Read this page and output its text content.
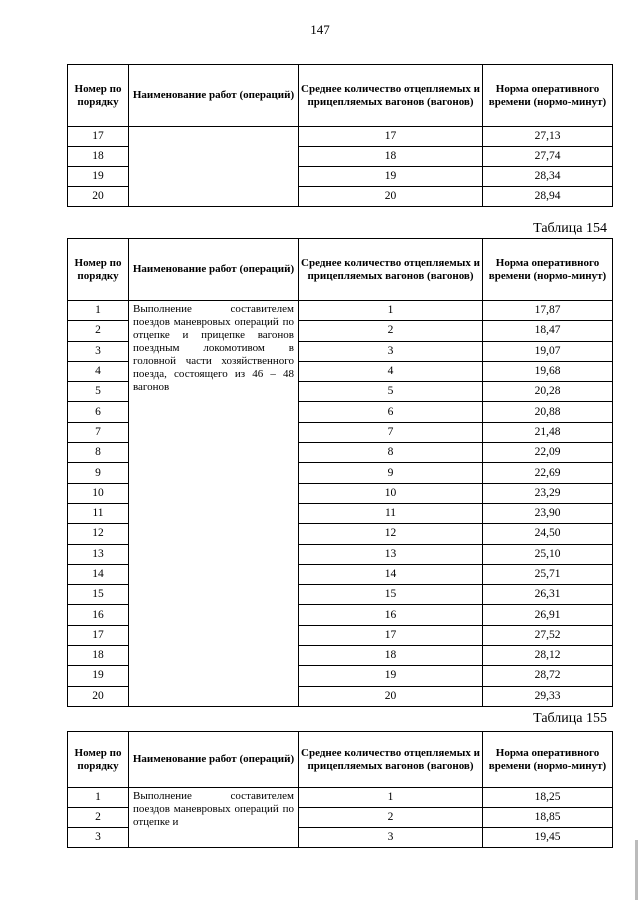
147
Номер по порядку	Наименование работ (операций)	Среднее количество отцепляемых и прицепляемых вагонов (вагонов)	Норма оперативного времени (нормо-минут)
17		17	27,13
18		18	27,74
19		19	28,34
20		20	28,94
Таблица 154
Номер по порядку	Наименование работ (операций)	Среднее количество отцепляемых и прицепляемых вагонов (вагонов)	Норма оперативного времени (нормо-минут)
1	Выполнение составителем поездов маневровых операций по отцепке и прицепке вагонов поездным локомотивом в головной части хозяйственного поезда, состоящего из 46 – 48 вагонов	1	17,87
2		2	18,47
3		3	19,07
4		4	19,68
5		5	20,28
6		6	20,88
7		7	21,48
8		8	22,09
9		9	22,69
10		10	23,29
11		11	23,90
12		12	24,50
13		13	25,10
14		14	25,71
15		15	26,31
16		16	26,91
17		17	27,52
18		18	28,12
19		19	28,72
20		20	29,33
Таблица 155
Номер по порядку	Наименование работ (операций)	Среднее количество отцепляемых и прицепляемых вагонов (вагонов)	Норма оперативного времени (нормо-минут)
1	Выполнение составителем поездов маневровых операций по отцепке и	1	18,25
2		2	18,85
3		3	19,45
